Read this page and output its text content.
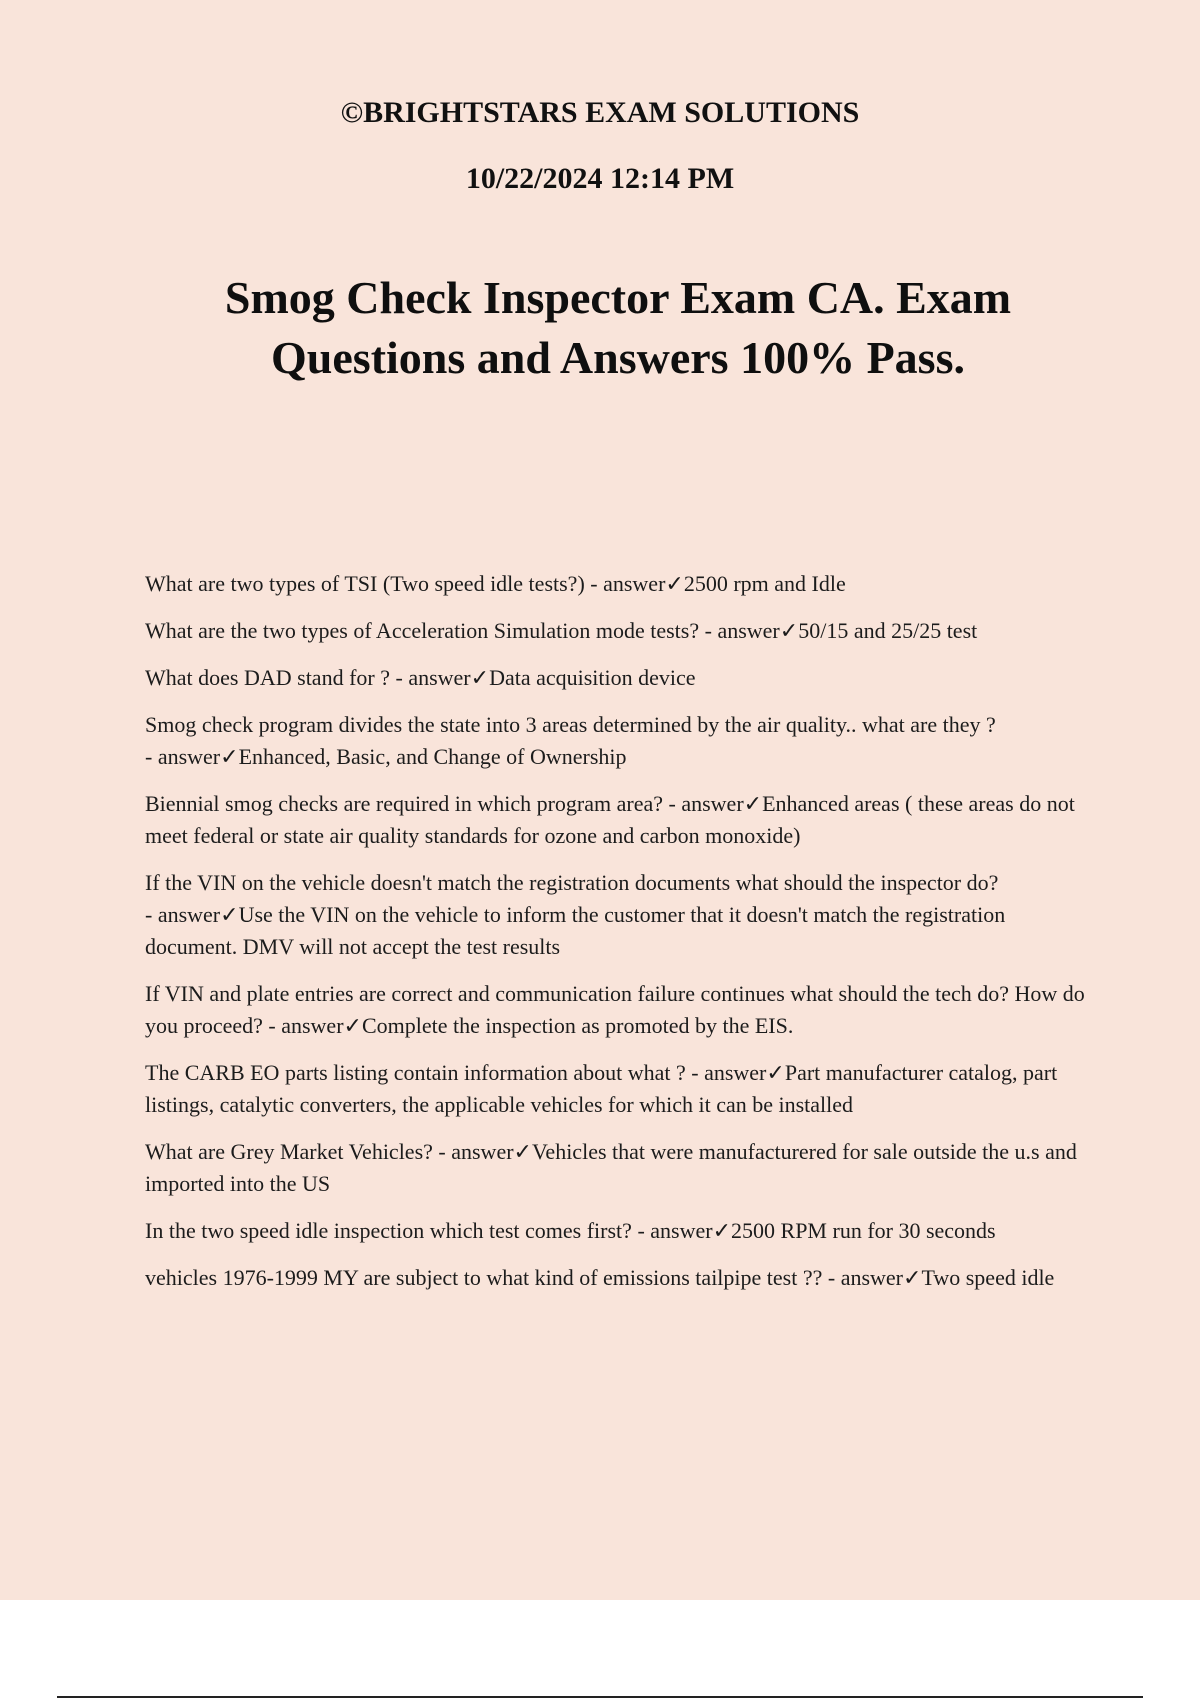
©BRIGHTSTARS EXAM SOLUTIONS

10/22/2024 12:14 PM

Smog Check Inspector Exam CA. Exam Questions and Answers 100% Pass.
What are two types of TSI (Two speed idle tests?) - answer✓2500 rpm and Idle
What are the two types of Acceleration Simulation mode tests? - answer✓50/15 and 25/25 test
What does DAD stand for ? - answer✓Data acquisition device
Smog check program divides the state into 3 areas determined by the air quality.. what are they ? - answer✓Enhanced, Basic, and Change of Ownership
Biennial smog checks are required in which program area? - answer✓Enhanced areas ( these areas do not meet federal or state air quality standards for ozone and carbon monoxide)
If the VIN on the vehicle doesn't match the registration documents what should the inspector do? - answer✓Use the VIN on the vehicle to inform the customer that it doesn't match the registration document. DMV will not accept the test results
If VIN and plate entries are correct and communication failure continues what should the tech do? How do you proceed? - answer✓Complete the inspection as promoted by the EIS.
The CARB EO parts listing contain information about what ? - answer✓Part manufacturer catalog, part listings, catalytic converters, the applicable vehicles for which it can be installed
What are Grey Market Vehicles? - answer✓Vehicles that were manufacturered for sale outside the u.s and imported into the US
In the two speed idle inspection which test comes first? - answer✓2500 RPM run for 30 seconds
vehicles 1976-1999 MY are subject to what kind of emissions tailpipe test ?? - answer✓Two speed idle
